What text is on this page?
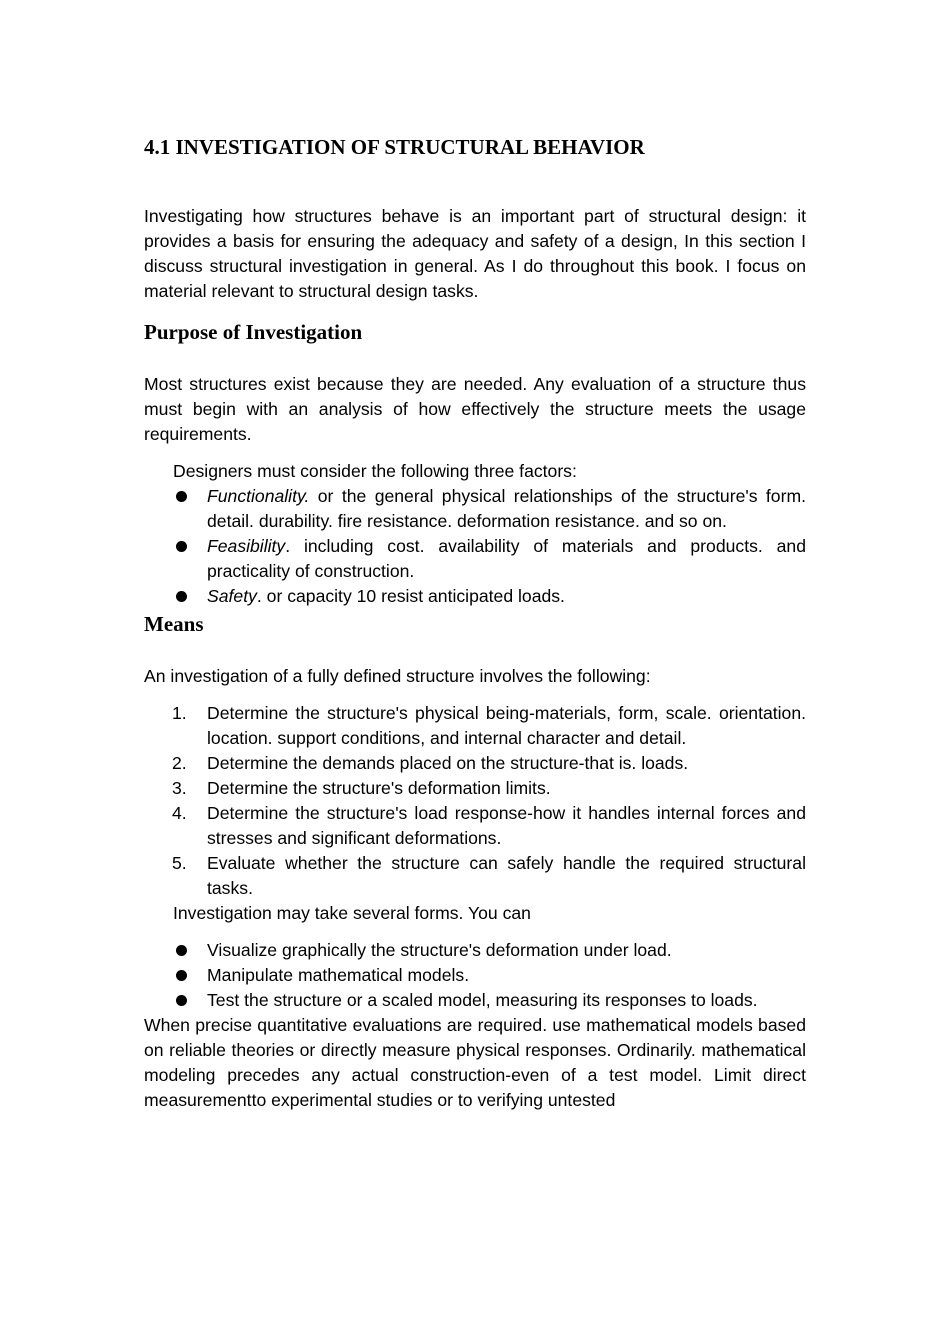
4.1 INVESTIGATION OF STRUCTURAL BEHAVIOR

Investigating how structures behave is an important part of structural design: it provides a basis for ensuring the adequacy and safety of a design, In this section I discuss structural investigation in general. As I do throughout this book. I focus on material relevant to structural design tasks.

Purpose of Investigation

Most structures exist because they are needed. Any evaluation of a structure thus must begin with an analysis of how effectively the structure meets the usage requirements.

Designers must consider the following three factors:

Functionality. or the general physical relationships of the structure's form. detail. durability. fire resistance. deformation resistance. and so on.
Feasibility. including cost. availability of materials and products. and practicality of construction.
Safety. or capacity 10 resist anticipated loads.
Means

An investigation of a fully defined structure involves the following:

1. Determine the structure's physical being-materials, form, scale. orientation. location. support conditions, and internal character and detail.
2. Determine the demands placed on the structure-that is. loads.
3. Determine the structure's deformation limits.
4. Determine the structure's load response-how it handles internal forces and stresses and significant deformations.
5. Evaluate whether the structure can safely handle the required structural tasks.

Investigation may take several forms. You can

Visualize graphically the structure's deformation under load.
Manipulate mathematical models.
Test the structure or a scaled model, measuring its responses to loads.

When precise quantitative evaluations are required. use mathematical models based on reliable theories or directly measure physical responses. Ordinarily. mathematical modeling precedes any actual construction-even of a test model. Limit direct measurementto experimental studies or to verifying untested
